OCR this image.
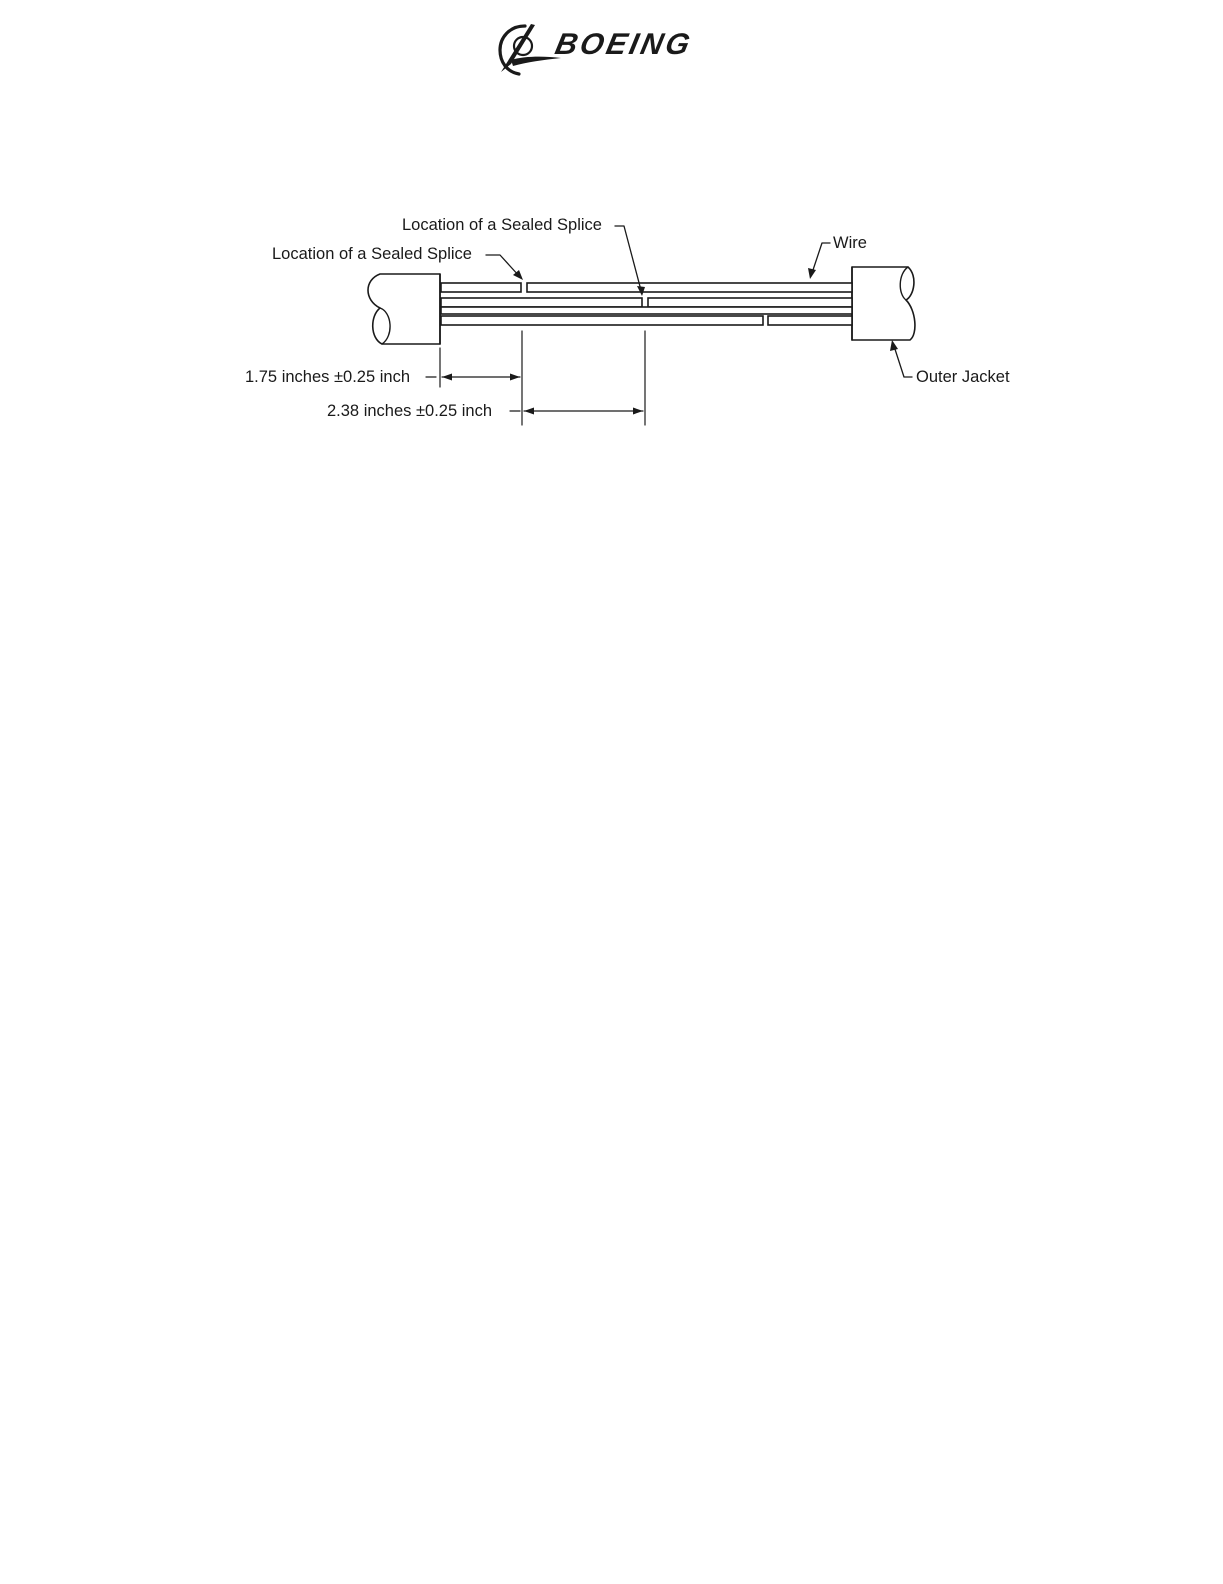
BOEING
Location of a Sealed Splice
Location of a Sealed Splice
Wire
Outer Jacket
1.75 inches ±0.25 inch
2.38 inches ±0.25 inch
